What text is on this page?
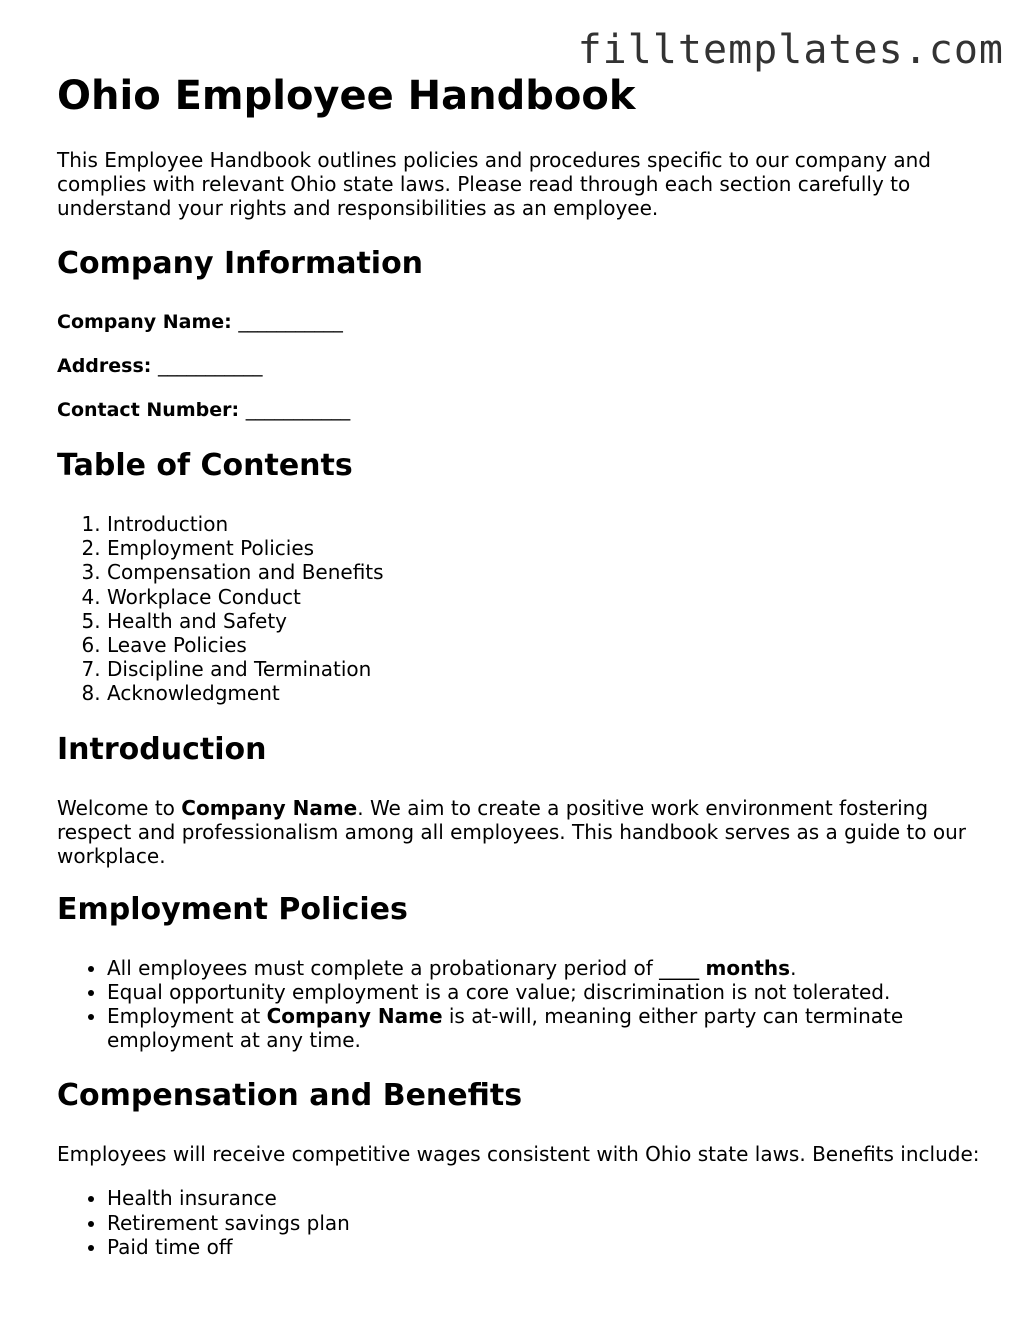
filltemplates.com
Ohio Employee Handbook

This Employee Handbook outlines policies and procedures specific to our company and complies with relevant Ohio state laws. Please read through each section carefully to understand your rights and responsibilities as an employee.

Company Information
Company Name: ___________
Address: ___________
Contact Number: ___________
Table of Contents
1. Introduction
2. Employment Policies
3. Compensation and Benefits
4. Workplace Conduct
5. Health and Safety
6. Leave Policies
7. Discipline and Termination
8. Acknowledgment
Introduction

Welcome to Company Name. We aim to create a positive work environment fostering respect and professionalism among all employees. This handbook serves as a guide to our workplace.

Employment Policies
• All employees must complete a probationary period of ____ months.
• Equal opportunity employment is a core value; discrimination is not tolerated.
• Employment at Company Name is at-will, meaning either party can terminate employment at any time.
Compensation and Benefits

Employees will receive competitive wages consistent with Ohio state laws. Benefits include:

• Health insurance
• Retirement savings plan
• Paid time off
